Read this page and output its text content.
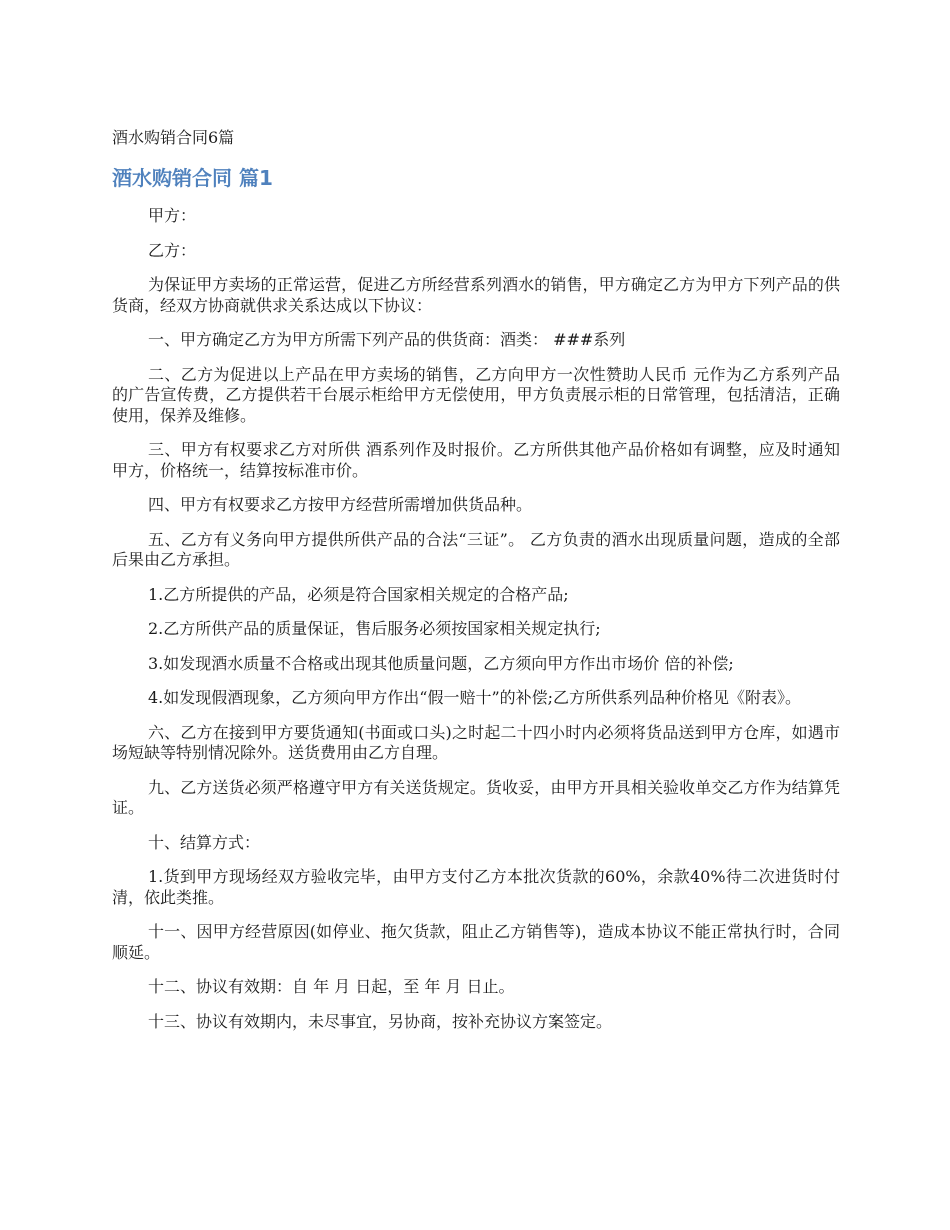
酒水购销合同6篇
酒水购销合同 篇1

甲方：

乙方：

为保证甲方卖场的正常运营，促进乙方所经营系列酒水的销售，甲方确定乙方为甲方下列产品的供货商，经双方协商就供求关系达成以下协议：

一、甲方确定乙方为甲方所需下列产品的供货商：酒类： ###系列

二、乙方为促进以上产品在甲方卖场的销售，乙方向甲方一次性赞助人民币 元作为乙方系列产品的广告宣传费，乙方提供若干台展示柜给甲方无偿使用，甲方负责展示柜的日常管理，包括清洁，正确使用，保养及维修。

三、甲方有权要求乙方对所供 酒系列作及时报价。乙方所供其他产品价格如有调整，应及时通知甲方，价格统一，结算按标准市价。

四、甲方有权要求乙方按甲方经营所需增加供货品种。

五、乙方有义务向甲方提供所供产品的合法“三证”。 乙方负责的酒水出现质量问题，造成的全部后果由乙方承担。

1.乙方所提供的产品，必须是符合国家相关规定的合格产品;

2.乙方所供产品的质量保证，售后服务必须按国家相关规定执行;

3.如发现酒水质量不合格或出现其他质量问题，乙方须向甲方作出市场价 倍的补偿;

4.如发现假酒现象，乙方须向甲方作出“假一赔十”的补偿;乙方所供系列品种价格见《附表》。

六、乙方在接到甲方要货通知(书面或口头)之时起二十四小时内必须将货品送到甲方仓库，如遇市场短缺等特别情况除外。送货费用由乙方自理。

九、乙方送货必须严格遵守甲方有关送货规定。货收妥，由甲方开具相关验收单交乙方作为结算凭证。

十、结算方式：

1.货到甲方现场经双方验收完毕，由甲方支付乙方本批次货款的60%，余款40%待二次进货时付清，依此类推。

十一、因甲方经营原因(如停业、拖欠货款，阻止乙方销售等)，造成本协议不能正常执行时，合同顺延。

十二、协议有效期：自 年 月 日起，至 年 月 日止。

十三、协议有效期内，未尽事宜，另协商，按补充协议方案签定。
